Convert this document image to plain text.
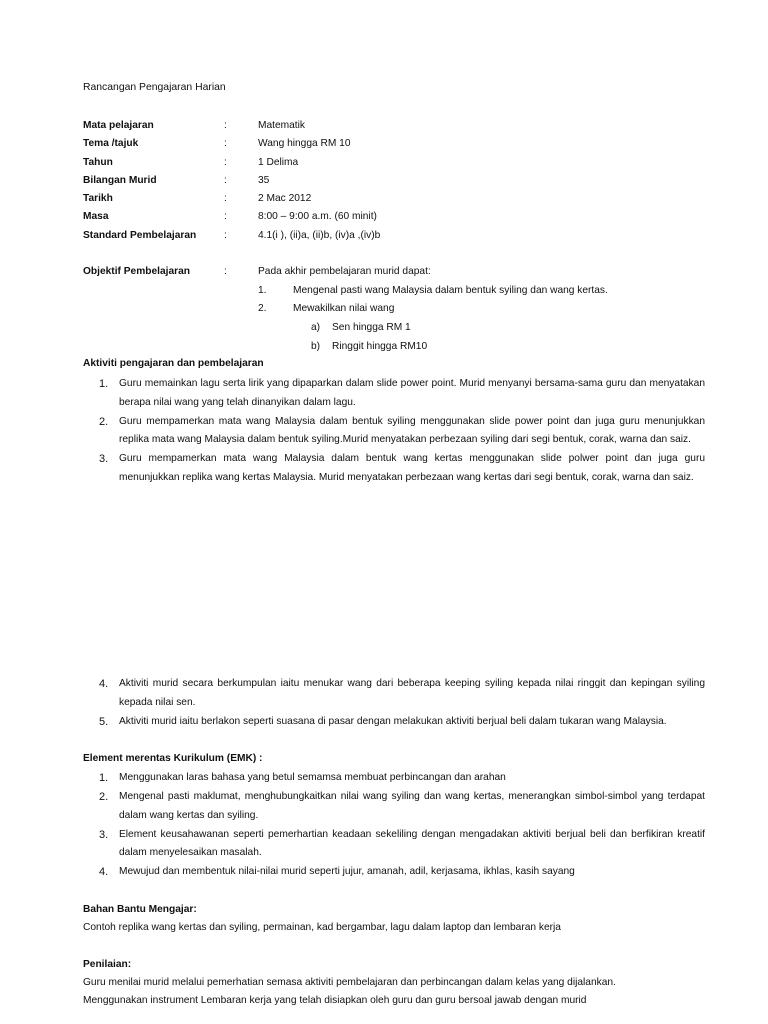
Rancangan Pengajaran Harian
Mata pelajaran	:	Matematik
Tema /tajuk	:	Wang hingga RM 10
Tahun	:	1 Delima
Bilangan Murid	:	35
Tarikh	:	2 Mac 2012
Masa	:	8:00 – 9:00 a.m. (60 minit)
Standard Pembelajaran	:	4.1(i ), (ii)a, (ii)b, (iv)a ,(iv)b
Objektif Pembelajaran	:	Pada akhir pembelajaran murid dapat:
1.	Mengenal pasti wang Malaysia dalam bentuk syiling dan wang kertas.
2.	Mewakilkan nilai wang
a) Sen hingga RM 1
b) Ringgit hingga RM10
Aktiviti pengajaran dan pembelajaran
1. Guru memainkan lagu serta lirik yang dipaparkan dalam slide power point. Murid menyanyi bersama-sama guru dan menyatakan berapa nilai wang yang telah dinanyikan dalam lagu.
2. Guru mempamerkan mata wang Malaysia dalam bentuk syiling menggunakan slide power point dan juga guru menunjukkan replika mata wang Malaysia dalam bentuk syiling.Murid menyatakan perbezaan syiling dari segi bentuk, corak, warna dan saiz.
3. Guru mempamerkan mata wang Malaysia dalam bentuk wang kertas menggunakan slide polwer point dan juga guru menunjukkan replika wang kertas Malaysia. Murid menyatakan perbezaan wang kertas dari segi bentuk, corak, warna dan saiz.
4. Aktiviti murid secara berkumpulan iaitu menukar wang dari beberapa keeping syiling kepada nilai ringgit dan kepingan syiling kepada nilai sen.
5. Aktiviti murid iaitu berlakon seperti suasana di pasar dengan melakukan aktiviti berjual beli dalam tukaran wang Malaysia.
Element merentas Kurikulum (EMK) :
1. Menggunakan laras bahasa yang betul semamsa membuat perbincangan dan arahan
2. Mengenal pasti maklumat, menghubungkaitkan nilai wang syiling dan wang kertas, menerangkan simbol-simbol yang terdapat dalam wang kertas dan syiling.
3. Element keusahawanan seperti pemerhartian keadaan sekeliling dengan mengadakan aktiviti berjual beli dan berfikiran kreatif dalam menyelesaikan masalah.
4. Mewujud dan membentuk nilai-nilai murid seperti jujur, amanah, adil, kerjasama, ikhlas, kasih sayang
Bahan Bantu Mengajar:
Contoh replika wang kertas dan syiling, permainan, kad bergambar, lagu dalam laptop dan lembaran kerja
Penilaian:
Guru menilai murid melalui pemerhatian semasa aktiviti pembelajaran dan perbincangan dalam kelas yang dijalankan.
Menggunakan instrument Lembaran kerja yang telah disiapkan oleh guru dan guru bersoal jawab dengan murid
